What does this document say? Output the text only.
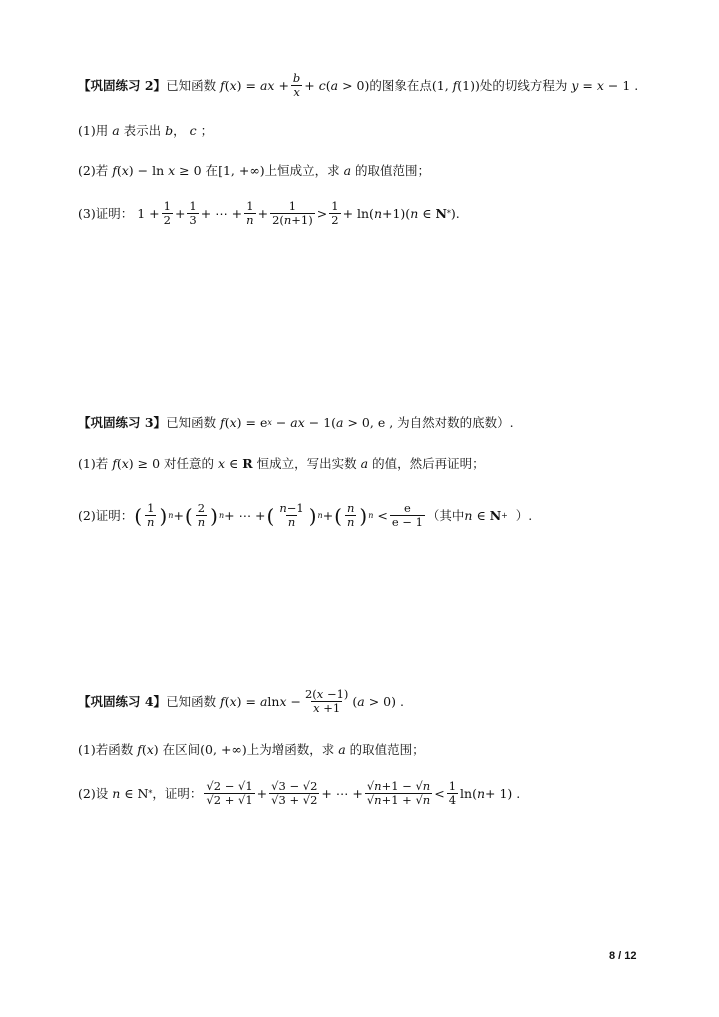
【巩固练习 2】 已知函数 f ( x ) = ax + $\frac{b}{x} + c$ ( a > 0) 的图象在点 (1, f (1)) 处的切线方程为 y = x − 1 .
(1) 用 a 表示出 b ， c ；
(2) 若 f ( x ) − ln x ≥ 0 在 [1, +∞) 上恒成立，求 a 的取值范围；
(3) 证明： $1 + \frac{1}{2} + \frac{1}{3}$ + ⋯ + $\frac{1}{n} + \frac{1}{2(n+1)} > \frac{1}{2} + \ln$( n +1)( n ∈ N * ).
【巩固练习 3】 已知函数 f ( x ) = e x − ax − 1( a > 0, e , 为自然对数的底数）.
(1) 若 f ( x ) ≥ 0 对任意的 x ∈ R
恒成立，写出实数 a 的值，然后再证明；
(2) 证明： ( $\frac{1}{n}$ ) n + ( $\frac{2}{n}$ ) n + ⋯ + ( $\frac{n-1}{n}$ ) n + ( $\frac{n}{n}$ ) $n < \frac{e}{e - 1}$ （其中 n ∈ N +
）.
【巩固练习 4】 已知函数 f ( x ) = a $\ln x - \frac{2(x -1)}{x +1}$ ( a > 0) .
(1) 若函数 f ( x ) 在区间 (0, +∞) 上为增函数，求 a 的取值范围；
(2) 设 n ∈ N * ，证明： $\frac{√2 - √1}{√2 + √1} + \frac{√3 - √2}{√3 + √2}$ + ⋯ + $\frac{√n+1 - √n}{√n+1 + √n} < \frac{1}{4} \ln$( n + 1) .
8 / 12
